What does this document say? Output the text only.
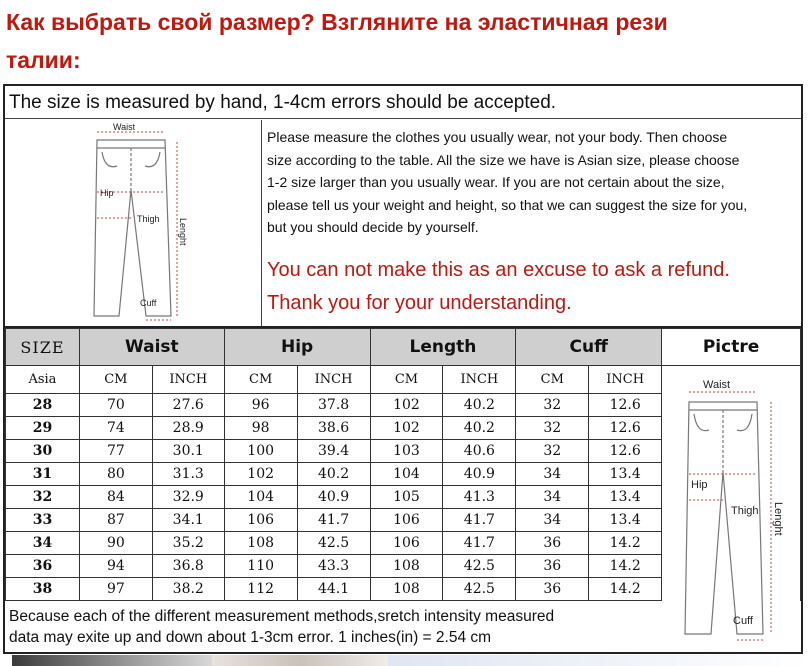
Как выбрать свой размер? Взгляните на эластичная рези
талии:
The size is measured by hand, 1-4cm errors should be accepted.
Waist
Hip
Thigh Lenght
Cuff

Please measure the clothes you usually wear, not your body. Then choose

size according to the table. All the size we have is Asian size, please choose

1-2 size larger than you usually wear. If you are not certain about the size,

please tell us your weight and height, so that we can suggest the size for you,

but you should decide by yourself.

You can not make this as an excuse to ask a refund.
Thank you for your understanding.
SIZE	Waist		Hip		Length		Cuff		Pictre
Asia	CM	INCH	CM	INCH	CM	INCH	CM	INCH	
28	70	27.6	96	37.8	102	40.2	32	12.6	
29	74	28.9	98	38.6	102	40.2	32	12.6	
30	77	30.1	100	39.4	103	40.6	32	12.6	
31	80	31.3	102	40.2	104	40.9	34	13.4	
32	84	32.9	104	40.9	105	41.3	34	13.4	
33	87	34.1	106	41.7	106	41.7	34	13.4	
34	90	35.2	108	42.5	106	41.7	36	14.2	
36	94	36.8	110	43.3	108	42.5	36	14.2	
38	97	38.2	112	44.1	108	42.5	36	14.2	
Because each of the different measurement methods,sretch intensity measured
data may exite up and down about 1-3cm error. 1 inches(in) = 2.54 cm
Waist
Hip
Thigh Lenght
Cuff
